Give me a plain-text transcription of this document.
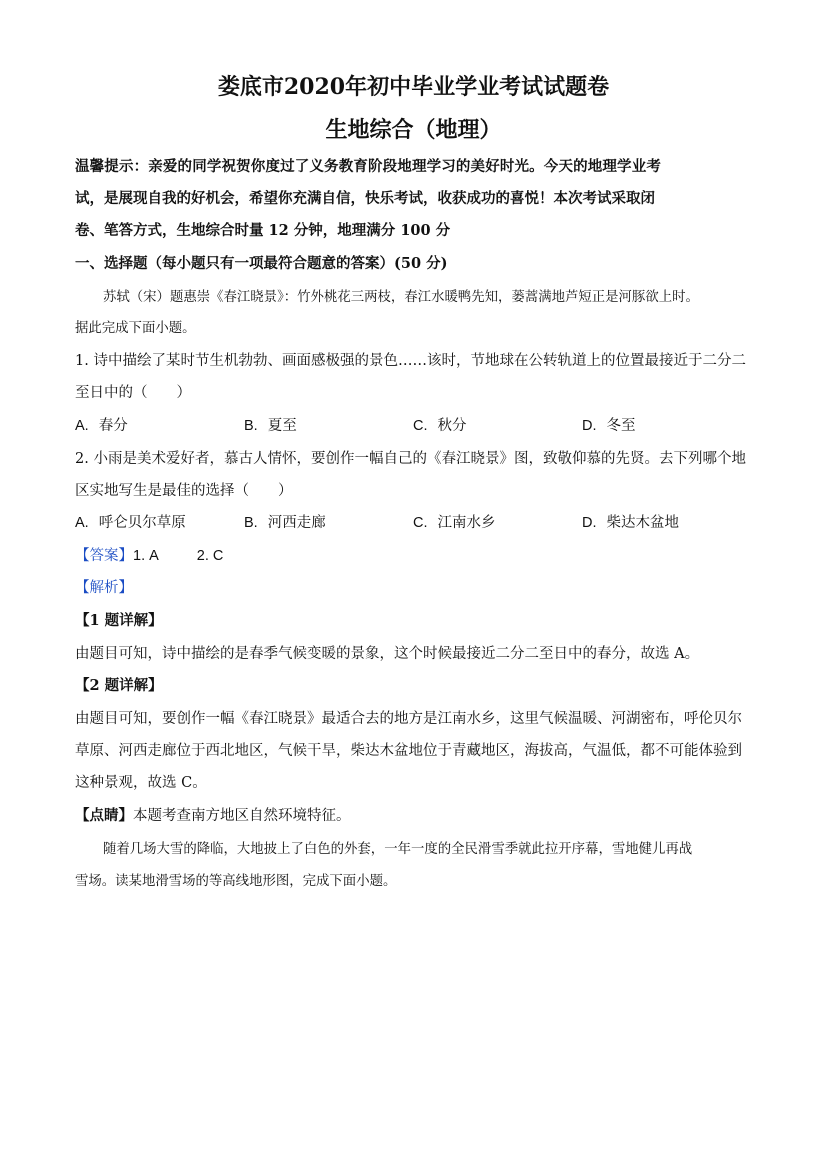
娄底市2020年初中毕业学业考试试题卷
生地综合（地理）
温馨提示：亲爱的同学祝贺你度过了义务教育阶段地理学习的美好时光。今天的地理学业考
试，是展现自我的好机会，希望你充满自信，快乐考试，收获成功的喜悦！本次考试采取闭
卷、笔答方式，生地综合时量 12 分钟，地理满分 100 分
一、选择题（每小题只有一项最符合题意的答案）(50 分)
苏轼（宋）题惠崇《春江晓景》：竹外桃花三两枝，春江水暖鸭先知，蒌蒿满地芦短正是河豚欲上时。
据此完成下面小题。
1. 诗中描绘了某时节生机勃勃、画面感极强的景色……该时，节地球在公转轨道上的位置最接近于二分二
至日中的（　　）
A. 春分	B. 夏至	C. 秋分	D. 冬至
2. 小雨是美术爱好者，慕古人情怀，要创作一幅自己的《春江晓景》图，致敬仰慕的先贤。去下列哪个地
区实地写生是最佳的选择（　　）
A. 呼仑贝尔草原	B. 河西走廊	C. 江南水乡	D. 柴达木盆地
【答案】1. A	2. C
【解析】
【1 题详解】
由题目可知，诗中描绘的是春季气候变暖的景象，这个时候最接近二分二至日中的春分，故选 A。
【2 题详解】
由题目可知，要创作一幅《春江晓景》最适合去的地方是江南水乡，这里气候温暖、河湖密布，呼伦贝尔
草原、河西走廊位于西北地区，气候干旱，柴达木盆地位于青藏地区，海拔高，气温低，都不可能体验到
这种景观，故选 C。
【点睛】本题考查南方地区自然环境特征。
随着几场大雪的降临，大地披上了白色的外套，一年一度的全民滑雪季就此拉开序幕，雪地健儿再战
雪场。读某地滑雪场的等高线地形图，完成下面小题。
